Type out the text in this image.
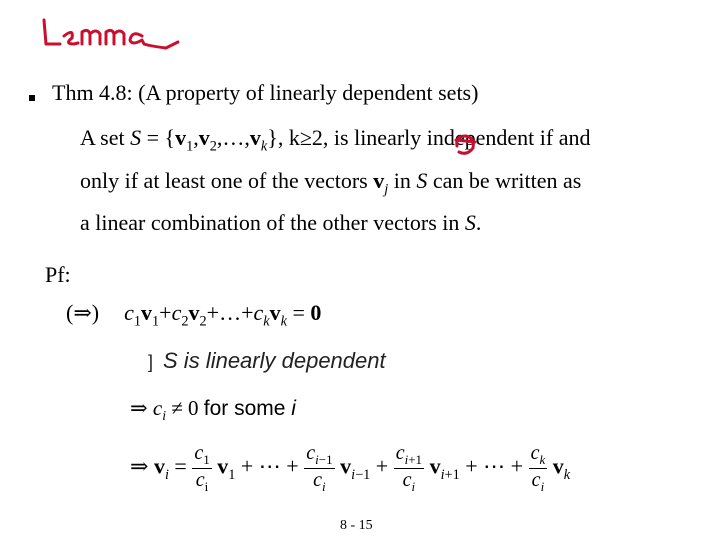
Thm 4.8: (A property of linearly dependent sets)
A set $S = \{v_1,v_2,\dots,v_k\}$, k≥2, is linearly independent if and
only if at least one of the vectors $v_j$ in S can be written as
a linear combination of the other vectors in S.
Pf:
(⇒) $c_1v_1+c_2v_2+\dots+c_kv_k = 0$
] S is linearly dependent
⇒ $c_i \ne 0$ for some i
⇒ $v_i = \frac{c_1}{c_i} v_1$ + ⋯ + $\frac{c_{i-1}}{c_i} v_{i-1} + \frac{c_{i+1}}{c_i} v_{i+1}$ + ⋯ + $\frac{c_k}{c_i} v_k$
8 - 15
